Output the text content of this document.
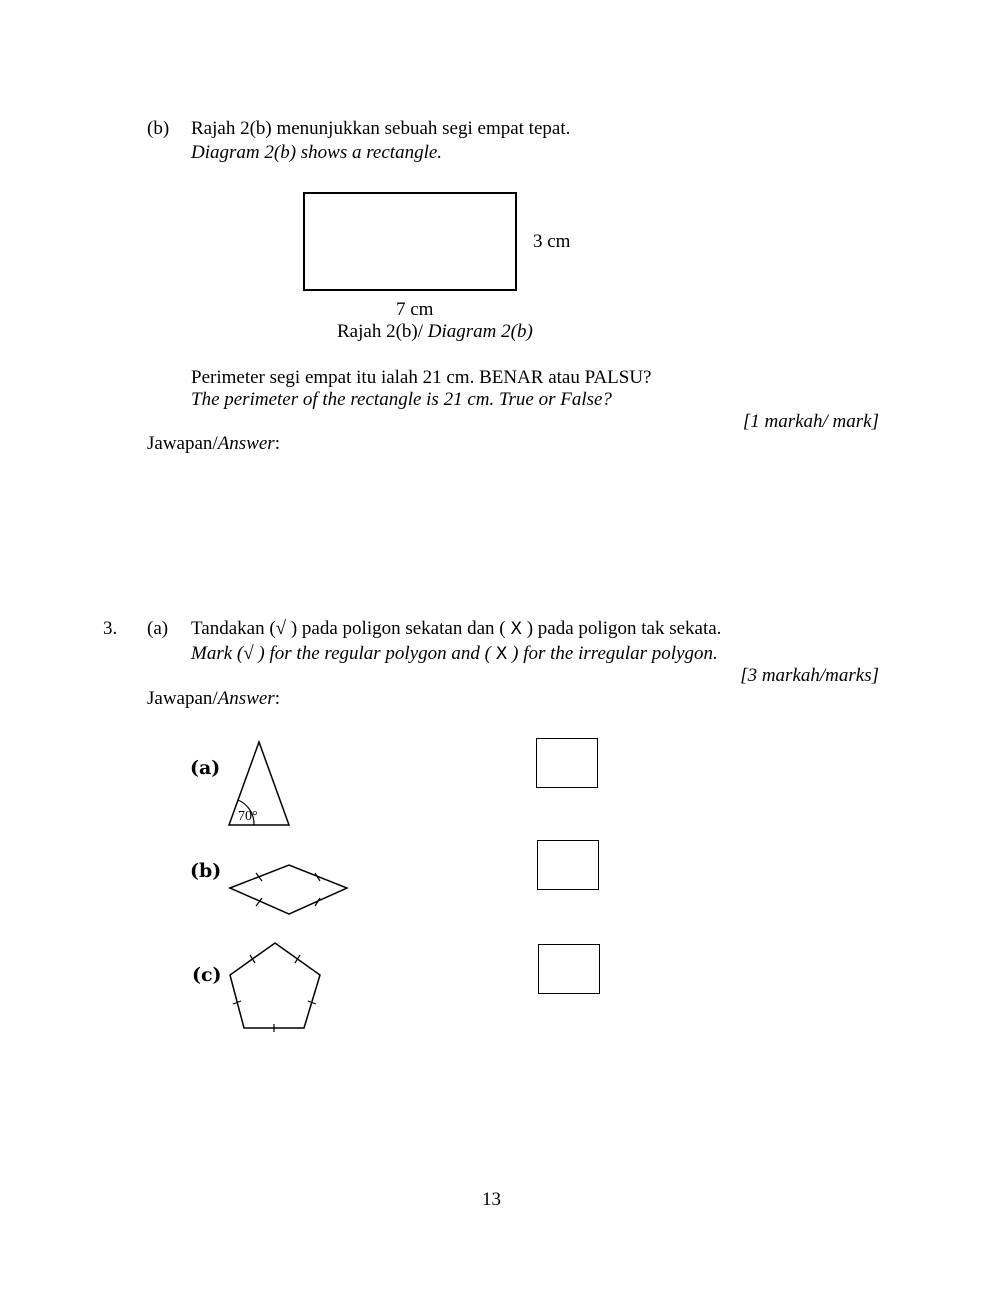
(b) Rajah 2(b) menunjukkan sebuah segi empat tepat.
Diagram 2(b) shows a rectangle.
3 cm
7 cm
Rajah 2(b)/ Diagram 2(b)
Perimeter segi empat itu ialah 21 cm. BENAR atau PALSU?
The perimeter of the rectangle is 21 cm. True or False?
[1 markah/ mark]
Jawapan/Answer:
3. (a) Tandakan (√ ) pada poligon sekatan dan ( X ) pada poligon tak sekata.
Mark (√ ) for the regular polygon and ( X ) for the irregular polygon.
[3 markah/marks]
Jawapan/Answer:
(a)
70°
(b)
(c)
13
